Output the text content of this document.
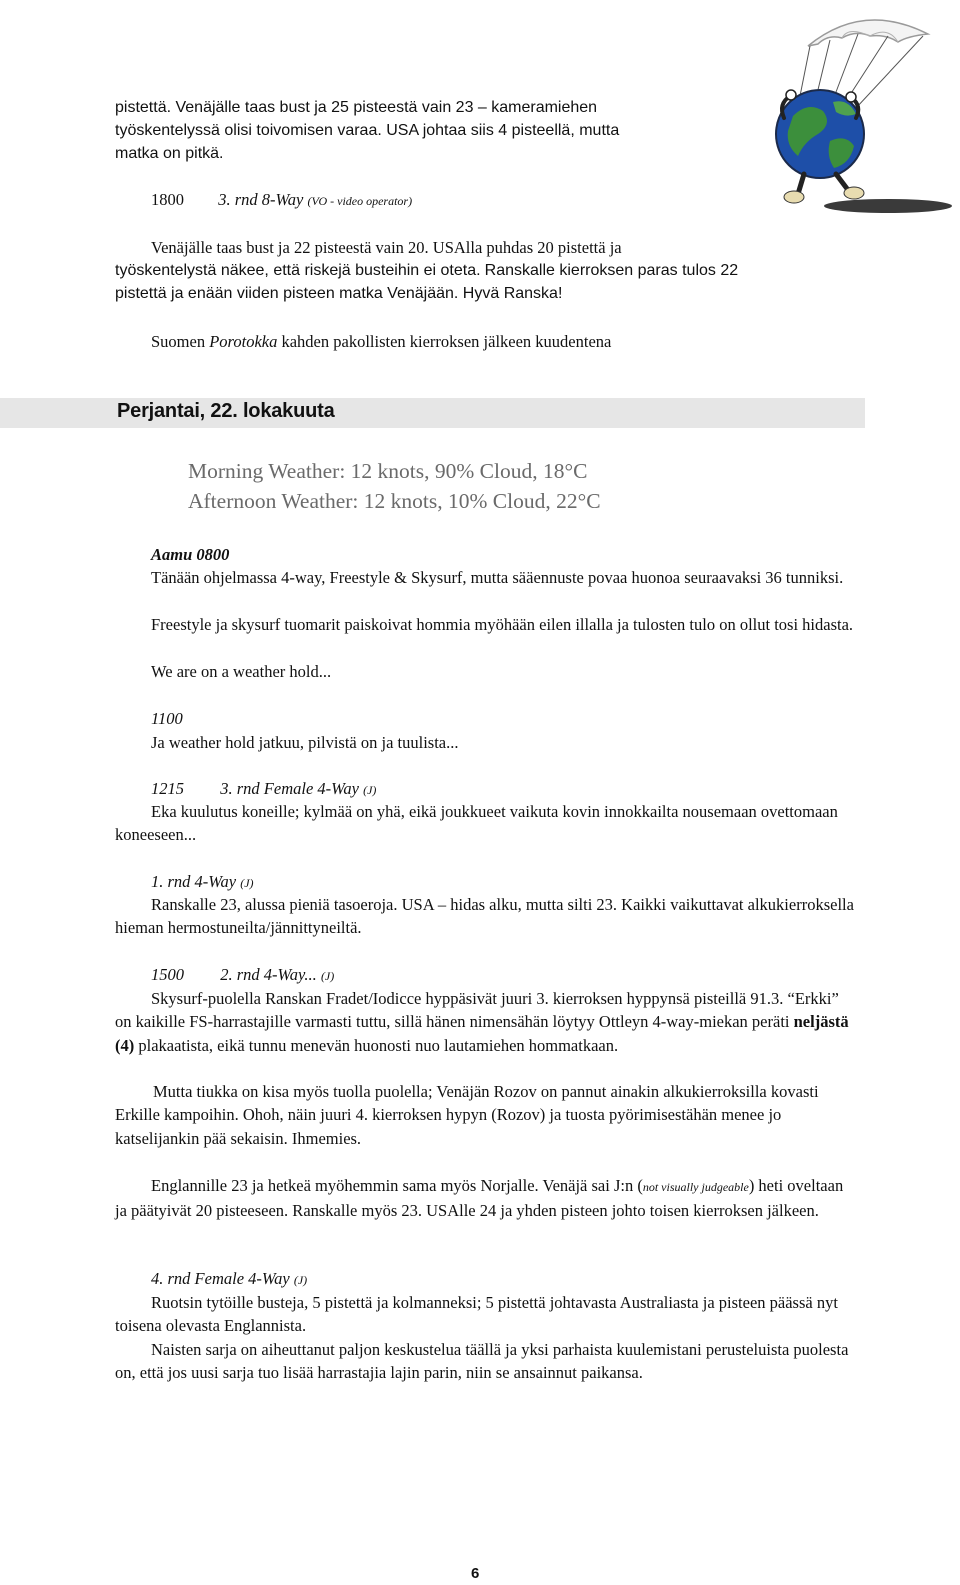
pistettä. Venäjälle taas bust ja 25 pisteestä vain 23 – kameramiehen
työskentelyssä olisi toivomisen varaa. USA johtaa siis 4 pisteellä, mutta
matka on pitkä.
1800 3. rnd 8-Way (VO - video operator)
Venäjälle taas bust ja 22 pisteestä vain 20. USAlla puhdas 20 pistettä ja
työskentelystä näkee, että riskejä busteihin ei oteta. Ranskalle kierroksen paras tulos 22
pistettä ja enään viiden pisteen matka Venäjään. Hyvä Ranska!
Suomen Porotokka kahden pakollisten kierroksen jälkeen kuudentena
Perjantai, 22. lokakuuta
Morning Weather: 12 knots, 90% Cloud, 18°C
Afternoon Weather: 12 knots, 10% Cloud, 22°C
Aamu 0800
Tänään ohjelmassa 4-way, Freestyle & Skysurf, mutta sääennuste povaa huonoa seuraavaksi 36 tunniksi.
Freestyle ja skysurf tuomarit paiskoivat hommia myöhään eilen illalla ja tulosten tulo on ollut tosi hidasta.
We are on a weather hold...
1100
Ja weather hold jatkuu, pilvistä on ja tuulista...
1215 3. rnd Female 4-Way (J)
Eka kuulutus koneille; kylmää on yhä, eikä joukkueet vaikuta kovin innokkailta nousemaan ovettomaan koneeseen...
1. rnd 4-Way (J)
Ranskalle 23, alussa pieniä tasoeroja. USA – hidas alku, mutta silti 23. Kaikki vaikuttavat alkukierroksella hieman hermostuneilta/jännittyneiltä.
1500 2. rnd 4-Way... (J)
Skysurf-puolella Ranskan Fradet/Iodicce hyppäsivät juuri 3. kierroksen hyppynsä pisteillä 91.3. “Erkki” on kaikille FS-harrastajille varmasti tuttu, sillä hänen nimensähän löytyy Ottleyn 4-way-miekan peräti neljästä (4) plakaatista, eikä tunnu menevän huonosti nuo lautamiehen hommatkaan.
Mutta tiukka on kisa myös tuolla puolella; Venäjän Rozov on pannut ainakin alkukierroksilla kovasti Erkille kampoihin. Ohoh, näin juuri 4. kierroksen hypyn (Rozov) ja tuosta pyörimisestähän menee jo katselijankin pää sekaisin. Ihmemies.
Englannille 23 ja hetkeä myöhemmin sama myös Norjalle. Venäjä sai J:n (not visually judgeable) heti oveltaan ja päätyivät 20 pisteeseen. Ranskalle myös 23. USAlle 24 ja yhden pisteen johto toisen kierroksen jälkeen.
4. rnd Female 4-Way (J)
Ruotsin tytöille busteja, 5 pistettä ja kolmanneksi; 5 pistettä johtavasta Australiasta ja pisteen päässä nyt toisena olevasta Englannista.
Naisten sarja on aiheuttanut paljon keskustelua täällä ja yksi parhaista kuulemistani perusteluista puolesta on, että jos uusi sarja tuo lisää harrastajia lajin parin, niin se ansainnut paikansa.
6
